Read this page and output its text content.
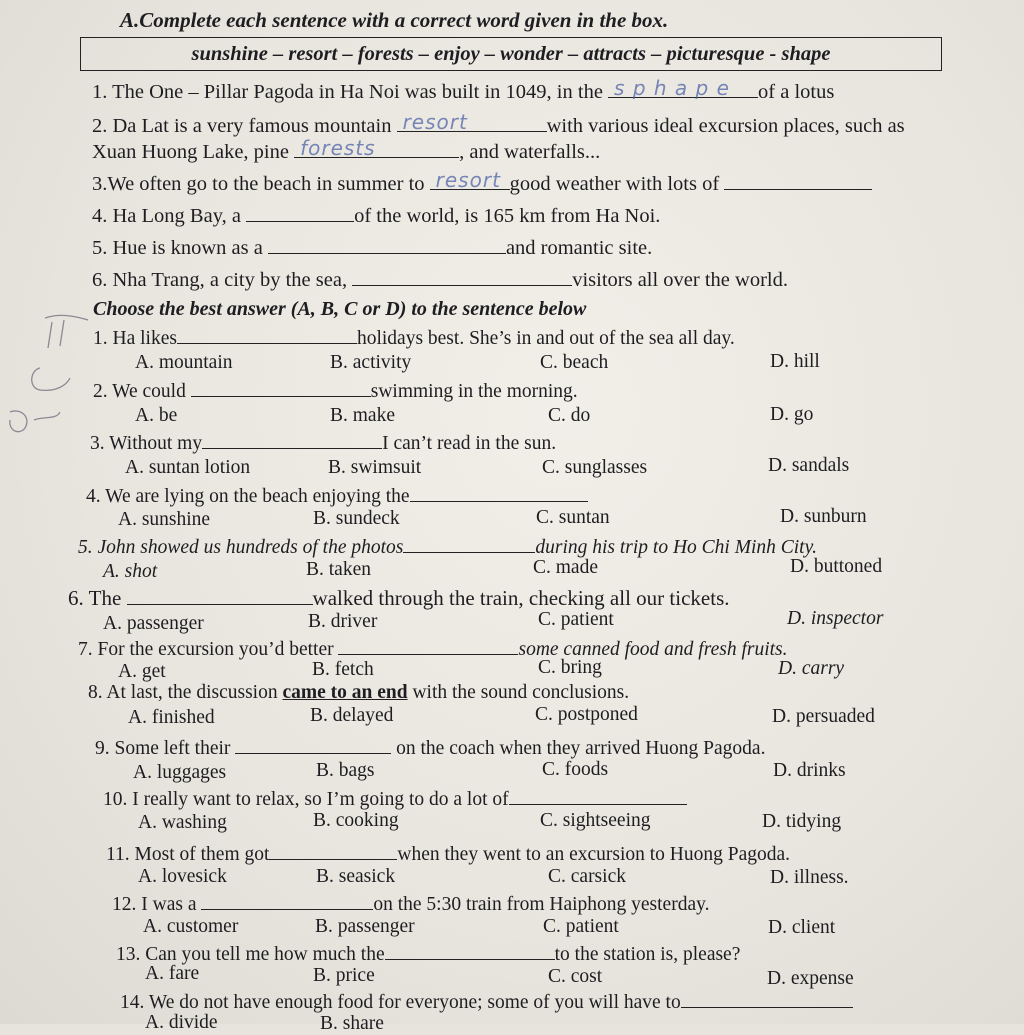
A.Complete each sentence with a correct word given in the box.
sunshine – resort – forests – enjoy – wonder – attracts – picturesque - shape
1. The One – Pillar Pagoda in Ha Noi was built in 1049, in the s p h a p e of a lotus
2. Da Lat is a very famous mountain resort	with various ideal excursion places, such as
Xuan Huong Lake, pine forests	, and waterfalls...
3.We often go to the beach in summer to resort good weather with lots of
4. Ha Long Bay, a	of the world, is 165 km from Ha Noi.
5. Hue is known as a	and romantic site.
6. Nha Trang, a city by the sea,	visitors all over the world.
Choose the best answer (A, B, C or D) to the sentence below
1. Ha likes	holidays best. She’s in and out of the sea all day.
A. mountain	B. activity	C. beach	D. hill
2. We could	swimming in the morning.
A. be	B. make	C. do	D. go
3. Without my	I can’t read in the sun.
A. suntan lotion	B. swimsuit	C. sunglasses	D. sandals
4. We are lying on the beach enjoying the
A. sunshine	B. sundeck	C. suntan	D. sunburn
5. John showed us hundreds of the photos	during his trip to Ho Chi Minh City.
A. shot	B. taken	C. made	D. buttoned
6. The	walked through the train, checking all our tickets.
A. passenger	B. driver	C. patient	D. inspector
7. For the excursion you’d better	some canned food and fresh fruits.
A. get	B. fetch	C. bring	D. carry
8. At last, the discussion came to an end with the sound conclusions.
A. finished	B. delayed	C. postponed	D. persuaded
9. Some left their	on the coach when they arrived Huong Pagoda.
A. luggages	B. bags	C. foods	D. drinks
10. I really want to relax, so I’m going to do a lot of
A. washing	B. cooking	C. sightseeing	D. tidying
11. Most of them got	when they went to an excursion to Huong Pagoda.
A. lovesick	B. seasick	C. carsick	D. illness.
12. I was a	on the 5:30 train from Haiphong yesterday.
A. customer	B. passenger	C. patient	D. client
13. Can you tell me how much the	to the station is, please?
A. fare	B. price	C. cost	D. expense
14. We do not have enough food for everyone; some of you will have to
A. divide	B. share
